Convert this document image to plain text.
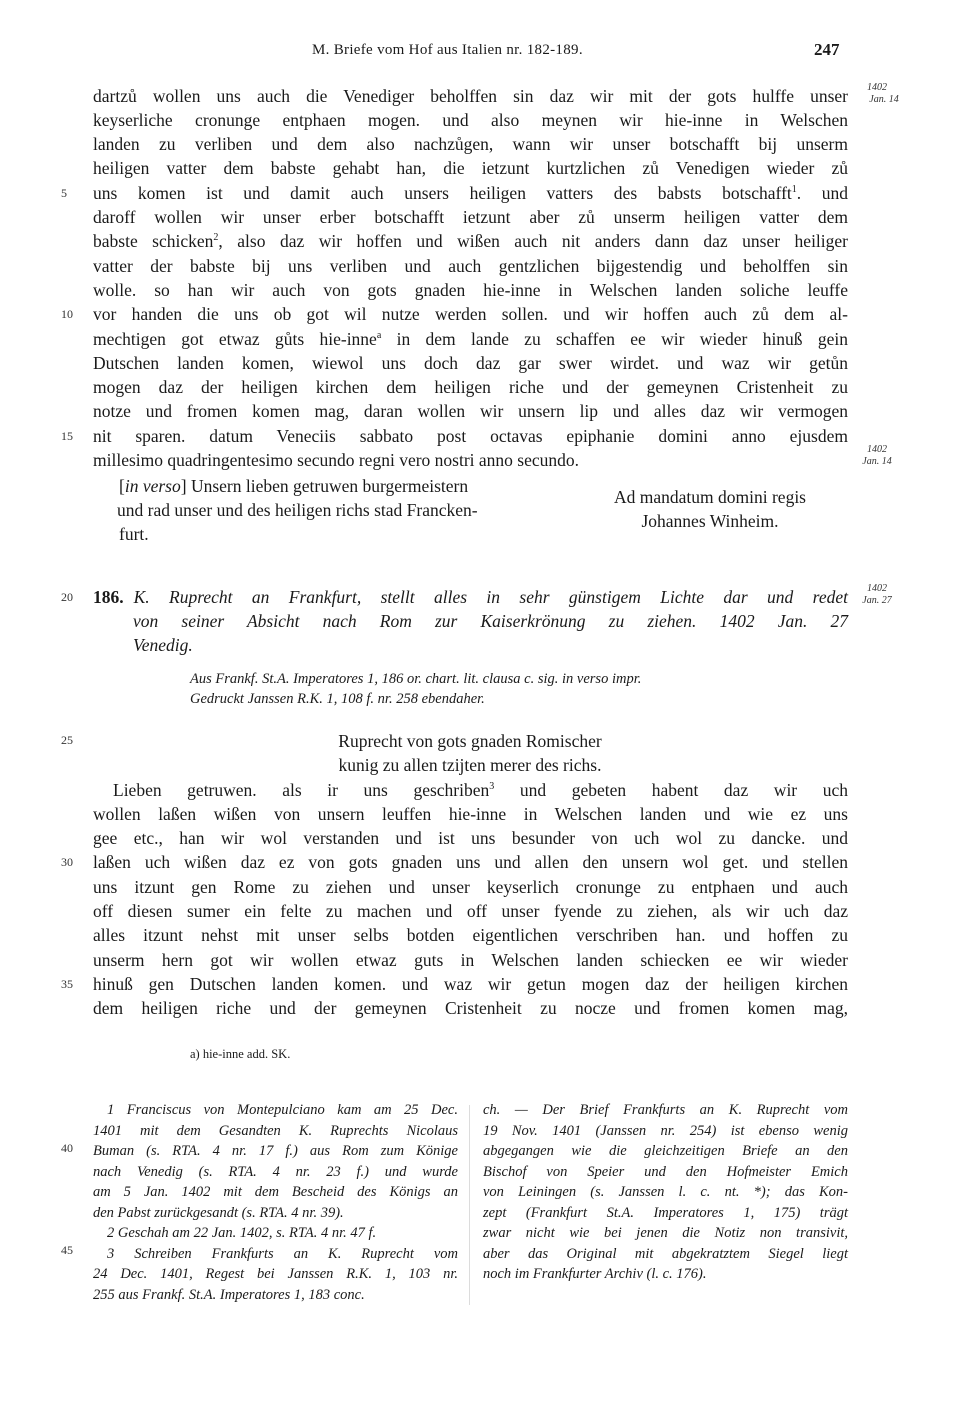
M. Briefe vom Hof aus Italien nr. 182-189.	247
1402
Jan. 14
dartzů wollen uns auch die Venediger beholffen sin daz wir mit der gots hulffe unser
keyserliche cronunge entphaen mogen. und also meynen wir hie-inne in Welschen
landen zu verliben und dem also nachzůgen, wann wir unser botschafft bij unserm
heiligen vatter dem babste gehabt han, die ietzunt kurtzlichen zů Venedigen wieder zů
uns komen ist und damit auch unsers heiligen vatters des babsts botschafft$^1$. und
daroff wollen wir unser erber botschafft ietzunt aber zů unserm heiligen vatter dem
babste schicken$^2$, also daz wir hoffen und wißen auch nit anders dann daz unser heiliger
vatter der babste bij uns verliben und auch gentzlichen bijgestendig und beholffen sin
wolle. so han wir auch von gots gnaden hie-inne in Welschen landen soliche leuffe
vor handen die uns ob got wil nutze werden sollen. und wir hoffen auch zů dem al-
mechtigen got etwaz gůts hie-inne$^a$ in dem lande zu schaffen ee wir wieder hinuß gein
Dutschen landen komen, wiewol uns doch daz gar swer wirdet. und waz wir getůn
mogen daz der heiligen kirchen dem heiligen riche und der gemeynen Cristenheit zu
notze und fromen komen mag, daran wollen wir unsern lip und alles daz wir vermogen
nit sparen. datum Veneciis sabbato post octavas epiphanie domini anno ejusdem
millesimo quadringentesimo secundo regni vero nostri anno secundo.
1402
Jan. 14
[in verso] Unsern lieben getruwen burgermeistern
und rad unser und des heiligen richs stad Francken-
furt.
Ad mandatum domini regis
Johannes Winheim.
186. K. Ruprecht an Frankfurt, stellt alles in sehr günstigem Lichte dar und redet
von seiner Absicht nach Rom zur Kaiserkrönung zu ziehen. 1402 Jan. 27
Venedig.
1402
Jan. 27
Aus Frankf. St.A. Imperatores 1, 186 or. chart. lit. clausa c. sig. in verso impr.
Gedruckt Janssen R.K. 1, 108 f. nr. 258 ebendaher.
Ruprecht von gots gnaden Romischer
kunig zu allen tzijten merer des richs.
Lieben getruwen. als ir uns geschriben$^3$ und gebeten habent daz wir uch
wollen laßen wißen von unsern leuffen hie-inne in Welschen landen und wie ez uns
gee etc., han wir wol verstanden und ist uns besunder von uch wol zu dancke. und
laßen uch wißen daz ez von gots gnaden uns und allen den unsern wol get. und stellen
uns itzunt gen Rome zu ziehen und unser keyserlich cronunge zu entphaen und auch
off diesen sumer ein felte zu machen und off unser fyende zu ziehen, als wir uch daz
alles itzunt nehst mit unser selbs botden eigentlichen verschriben han. und hoffen zu
unserm hern got wir wollen etwaz guts in Welschen landen schiecken ee wir wieder
hinuß gen Dutschen landen komen. und waz wir getun mogen daz der heiligen kirchen
dem heiligen riche und der gemeynen Cristenheit zu nocze und fromen komen mag,
a) hie-inne add. SK.
5
10
15
20
25
30
35
40
45
1 Franciscus von Montepulciano kam am 25 Dec.
1401 mit dem Gesandten K. Ruprechts Nicolaus
Buman (s. RTA. 4 nr. 17 f.) aus Rom zum Könige
nach Venedig (s. RTA. 4 nr. 23 f.) und wurde
am 5 Jan. 1402 mit dem Bescheid des Königs an
den Pabst zurückgesandt (s. RTA. 4 nr. 39).
2 Geschah am 22 Jan. 1402, s. RTA. 4 nr. 47 f.
3 Schreiben Frankfurts an K. Ruprecht vom
24 Dec. 1401, Regest bei Janssen R.K. 1, 103 nr.
255 aus Frankf. St.A. Imperatores 1, 183 conc.
ch. — Der Brief Frankfurts an K. Ruprecht vom
19 Nov. 1401 (Janssen nr. 254) ist ebenso wenig
abgegangen wie die gleichzeitigen Briefe an den
Bischof von Speier und den Hofmeister Emich
von Leiningen (s. Janssen l. c. nt. *); das Kon-
zept (Frankfurt St.A. Imperatores 1, 175) trägt
zwar nicht wie bei jenen die Notiz non transivit,
aber das Original mit abgekratztem Siegel liegt
noch im Frankfurter Archiv (l. c. 176).
